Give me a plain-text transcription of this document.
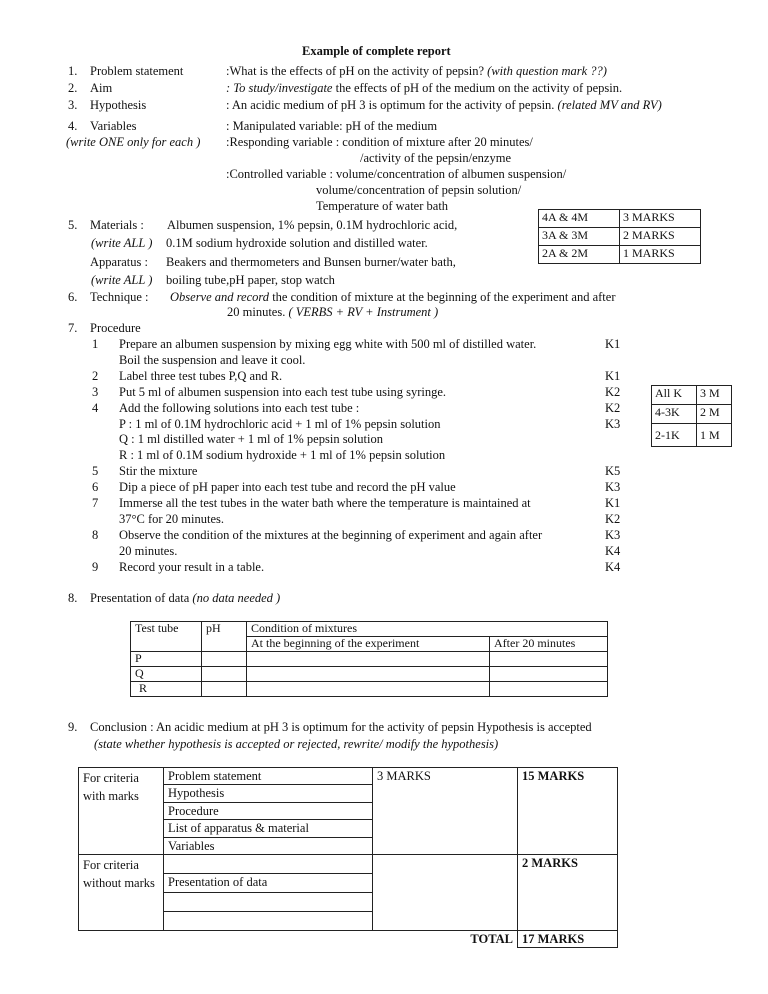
Example of complete report
1. Problem statement	:What is the effects of pH on the activity of pepsin? (with question mark ??)
2. Aim	: To study/investigate the effects of pH of the medium on the activity of pepsin.
3. Hypothesis	: An acidic medium of pH 3 is optimum for the activity of pepsin. (related MV and RV)
4. Variables
(write ONE only for each )
: Manipulated variable: pH of the medium
:Responding variable : condition of mixture after 20 minutes/
/activity of the pepsin/enzyme
:Controlled variable : volume/concentration of albumen suspension/
volume/concentration of pepsin solution/
Temperature of water bath
4A & 4M	3 MARKS
3A & 3M	2 MARKS
2A & 2M	1 MARKS
5. Materials : Albumen suspension, 1% pepsin, 0.1M hydrochloric acid,
(write ALL ) 0.1M sodium hydroxide solution and distilled water.
Apparatus : Beakers and thermometers and Bunsen burner/water bath,
(write ALL ) boiling tube,pH paper, stop watch
6. Technique : Observe and record the condition of mixture at the beginning of the experiment and after
20 minutes. ( VERBS + RV + Instrument )
7. Procedure
1 Prepare an albumen suspension by mixing egg white with 500 ml of distilled water.	K1
Boil the suspension and leave it cool.
2 Label three test tubes P,Q and R.	K1
3 Put 5 ml of albumen suspension into each test tube using syringe.	K2
4 Add the following solutions into each test tube :	K2
P : 1 ml of 0.1M hydrochloric acid + 1 ml of 1% pepsin solution	K3
Q : 1 ml distilled water + 1 ml of 1% pepsin solution
R : 1 ml of 0.1M sodium hydroxide + 1 ml of 1% pepsin solution
5 Stir the mixture	K5
6 Dip a piece of pH paper into each test tube and record the pH value	K3
7 Immerse all the test tubes in the water bath where the temperature is maintained at	K1
37°C for 20 minutes.	K2
8 Observe the condition of the mixtures at the beginning of experiment and again after	K3
20 minutes.	K4
9 Record your result in a table.	K4
All K	3 M
4-3K	2 M
2-1K	1 M
8. Presentation of data (no data needed )
Test tube	pH	Condition of mixtures	
		At the beginning of the experiment	After 20 minutes
P			
Q			
R			
9. Conclusion : An acidic medium at pH 3 is optimum for the activity of pepsin Hypothesis is accepted
(state whether hypothesis is accepted or rejected, rewrite/ modify the hypothesis)
For criteria with marks	Problem statement	3 MARKS	15 MARKS
	Hypothesis		
	Procedure		
	List of apparatus & material		
	Variables		
For criteria without marks			2 MARKS
	Presentation of data		

TOTAL			17 MARKS
